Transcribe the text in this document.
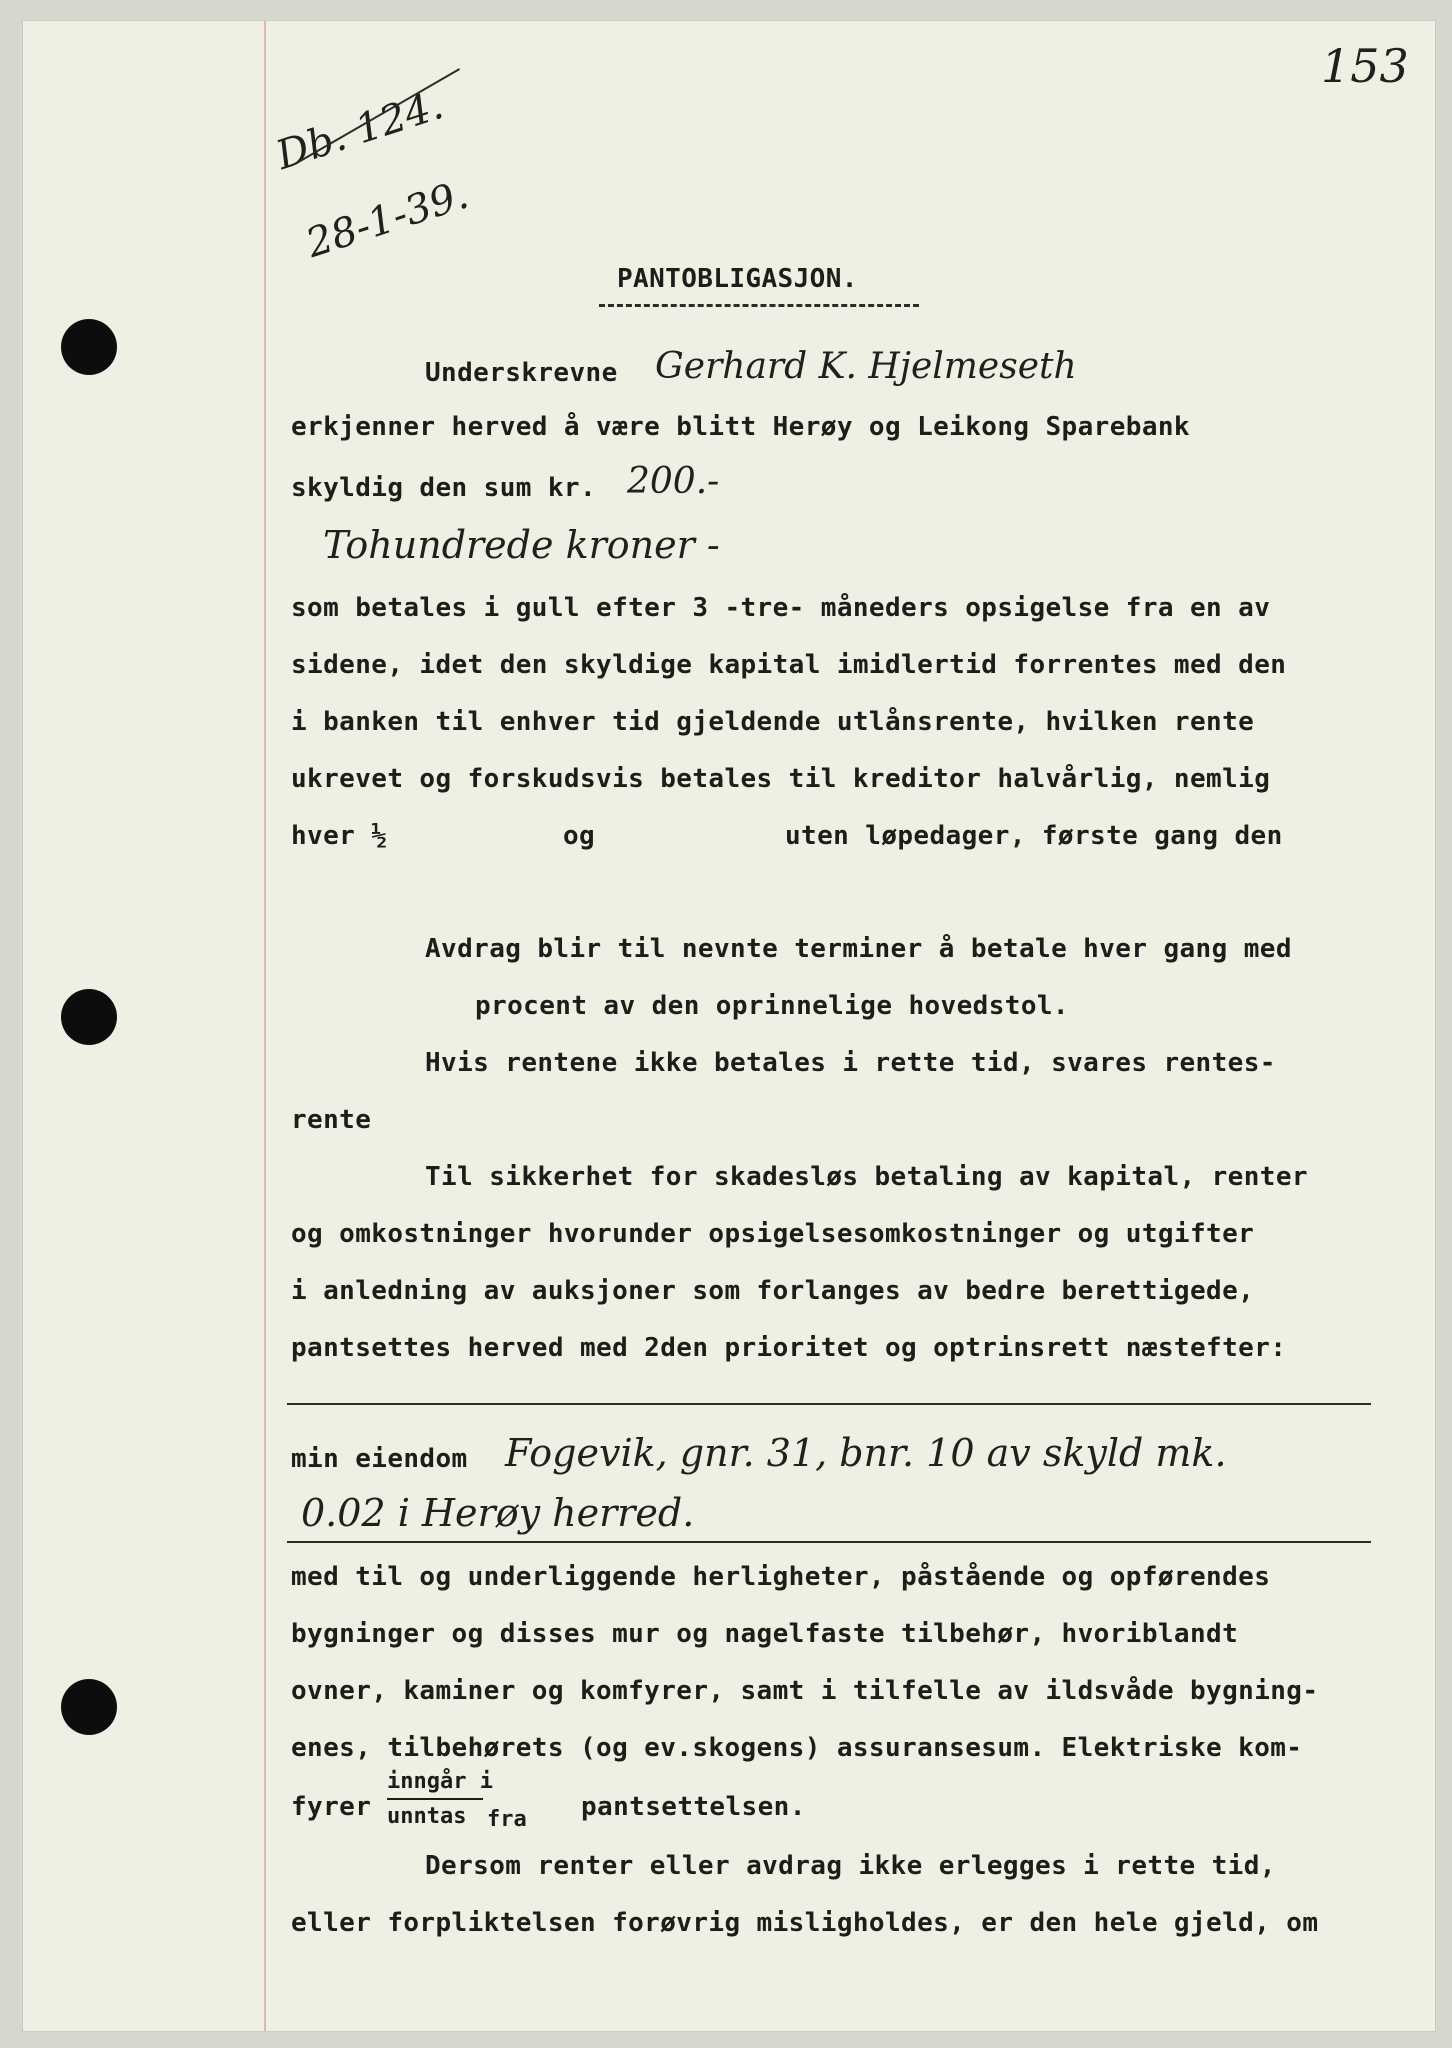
153
Db. 124.
28-1-39.
PANTOBLIGASJON.
Underskrevne Gerhard K. Hjelmeseth
erkjenner herved å være blitt Herøy og Leikong Sparebank
skyldig den sum kr. 200.-
Tohundrede kroner -
som betales i gull efter 3 -tre- måneders opsigelse fra en av
sidene, idet den skyldige kapital imidlertid forrentes med den
i banken til enhver tid gjeldende utlånsrente, hvilken rente
ukrevet og forskudsvis betales til kreditor halvårlig, nemlig
hver ½	og	uten løpedager, første gang den
Avdrag blir til nevnte terminer å betale hver gang med
procent av den oprinnelige hovedstol.
Hvis rentene ikke betales i rette tid, svares rentes-
rente
Til sikkerhet for skadesløs betaling av kapital, renter
og omkostninger hvorunder opsigelsesomkostninger og utgifter
i anledning av auksjoner som forlanges av bedre berettigede,
pantsettes herved med 2den prioritet og optrinsrett næstefter:
min eiendom Fogevik, gnr. 31, bnr. 10 av skyld mk.
0.02 i Herøy herred.
med til og underliggende herligheter, påstående og opførendes
bygninger og disses mur og nagelfaste tilbehør, hvoriblandt
ovner, kaminer og komfyrer, samt i tilfelle av ildsvåde bygning-
enes, tilbehørets (og ev.skogens) assuransesum. Elektriske kom-
fyrer
inngår i
unntas fra pantsettelsen.
Dersom renter eller avdrag ikke erlegges i rette tid,
eller forpliktelsen forøvrig misligholdes, er den hele gjeld, om
